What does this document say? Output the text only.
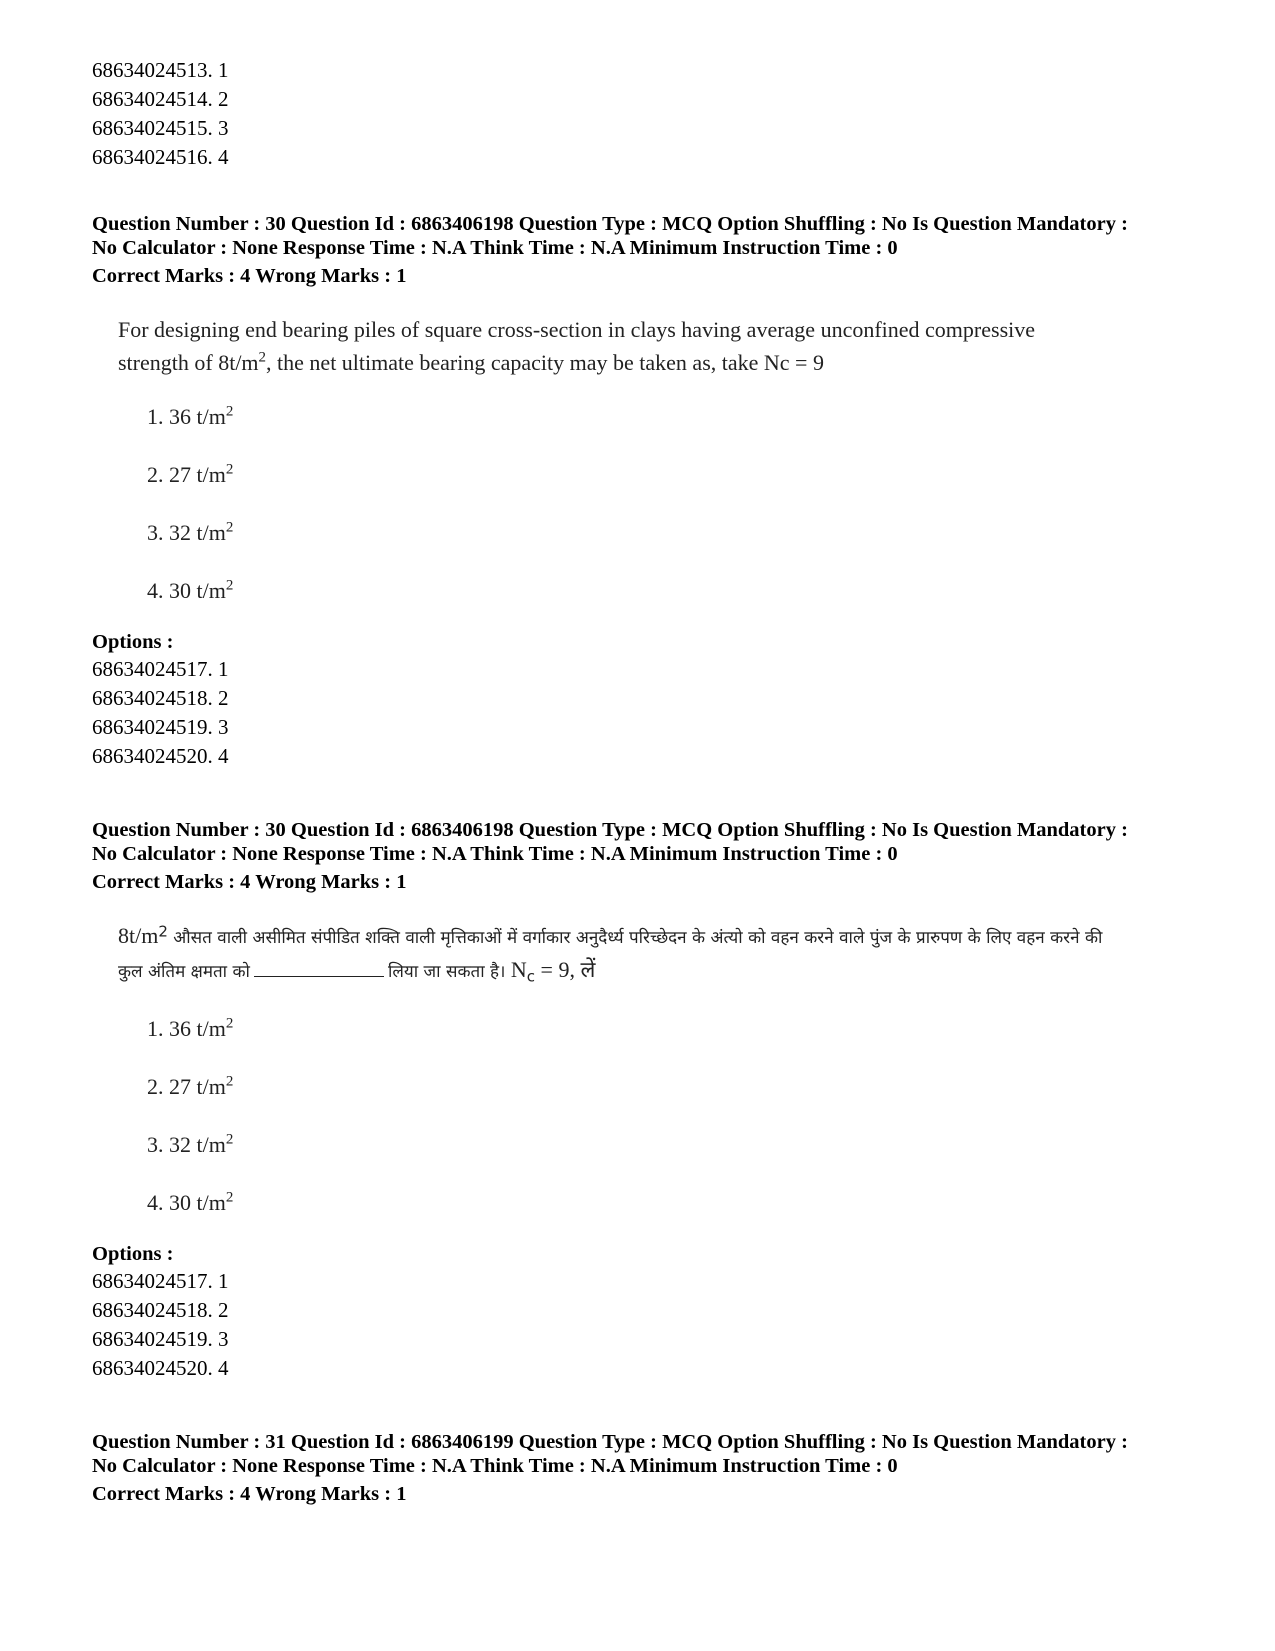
68634024513. 1
68634024514. 2
68634024515. 3
68634024516. 4
Question Number : 30 Question Id : 6863406198 Question Type : MCQ Option Shuffling : No Is Question Mandatory :
No Calculator : None Response Time : N.A Think Time : N.A Minimum Instruction Time : 0
Correct Marks : 4 Wrong Marks : 1
For designing end bearing piles of square cross-section in clays having average unconfined compressive
strength of $8t/m^2$, the net ultimate bearing capacity may be taken as, take Nc = 9
1. 36 $t/m^2$
2. 27 $t/m^2$
3. 32 $t/m^2$
4. 30 $t/m^2$
Options :
68634024517. 1
68634024518. 2
68634024519. 3
68634024520. 4
Question Number : 30 Question Id : 6863406198 Question Type : MCQ Option Shuffling : No Is Question Mandatory :
No Calculator : None Response Time : N.A Think Time : N.A Minimum Instruction Time : 0
Correct Marks : 4 Wrong Marks : 1
$8t/m^2$ औसत वाली असीमित संपीडित शक्ति वाली मृत्तिकाओं में वर्गाकार अनुदैर्ध्य परिच्छेदन के अंत्यो को वहन करने वाले पुंज के प्रारुपण के लिए वहन करने की
कुल अंतिम क्षमता को	लिया जा सकता है। $N_c = 9$, लें
1. 36 $t/m^2$
2. 27 $t/m^2$
3. 32 $t/m^2$
4. 30 $t/m^2$
Options :
68634024517. 1
68634024518. 2
68634024519. 3
68634024520. 4
Question Number : 31 Question Id : 6863406199 Question Type : MCQ Option Shuffling : No Is Question Mandatory :
No Calculator : None Response Time : N.A Think Time : N.A Minimum Instruction Time : 0
Correct Marks : 4 Wrong Marks : 1
